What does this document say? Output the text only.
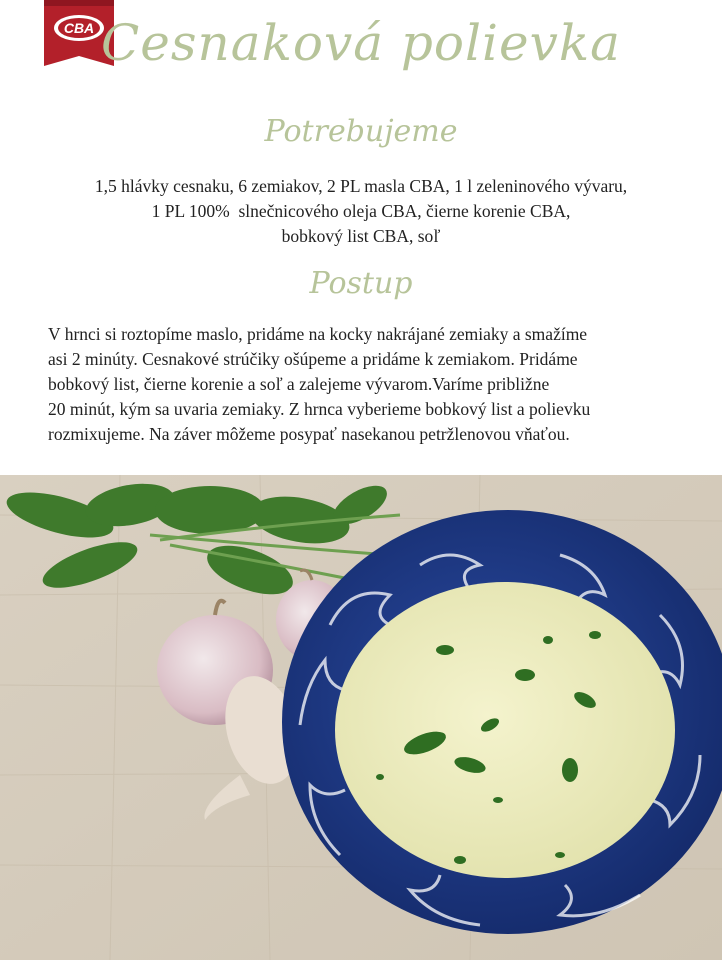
CBA Cesnaková polievka
Potrebujeme
1,5 hlávky cesnaku, 6 zemiakov, 2 PL masla CBA, 1 l zeleninového vývaru,
1 PL 100%  slnečnicového oleja CBA, čierne korenie CBA,
bobkový list CBA, soľ
Postup
V hrnci si roztopíme maslo, pridáme na kocky nakrájané zemiaky a smažíme
asi 2 minúty. Cesnakové strúčiky ošúpeme a pridáme k zemiakom. Pridáme
bobkový list, čierne korenie a soľ a zalejeme vývarom.Varíme približne
20 minút, kým sa uvaria zemiaky. Z hrnca vyberieme bobkový list a polievku
rozmixujeme. Na záver môžeme posypať nasekanou petržlenovou vňaťou.
